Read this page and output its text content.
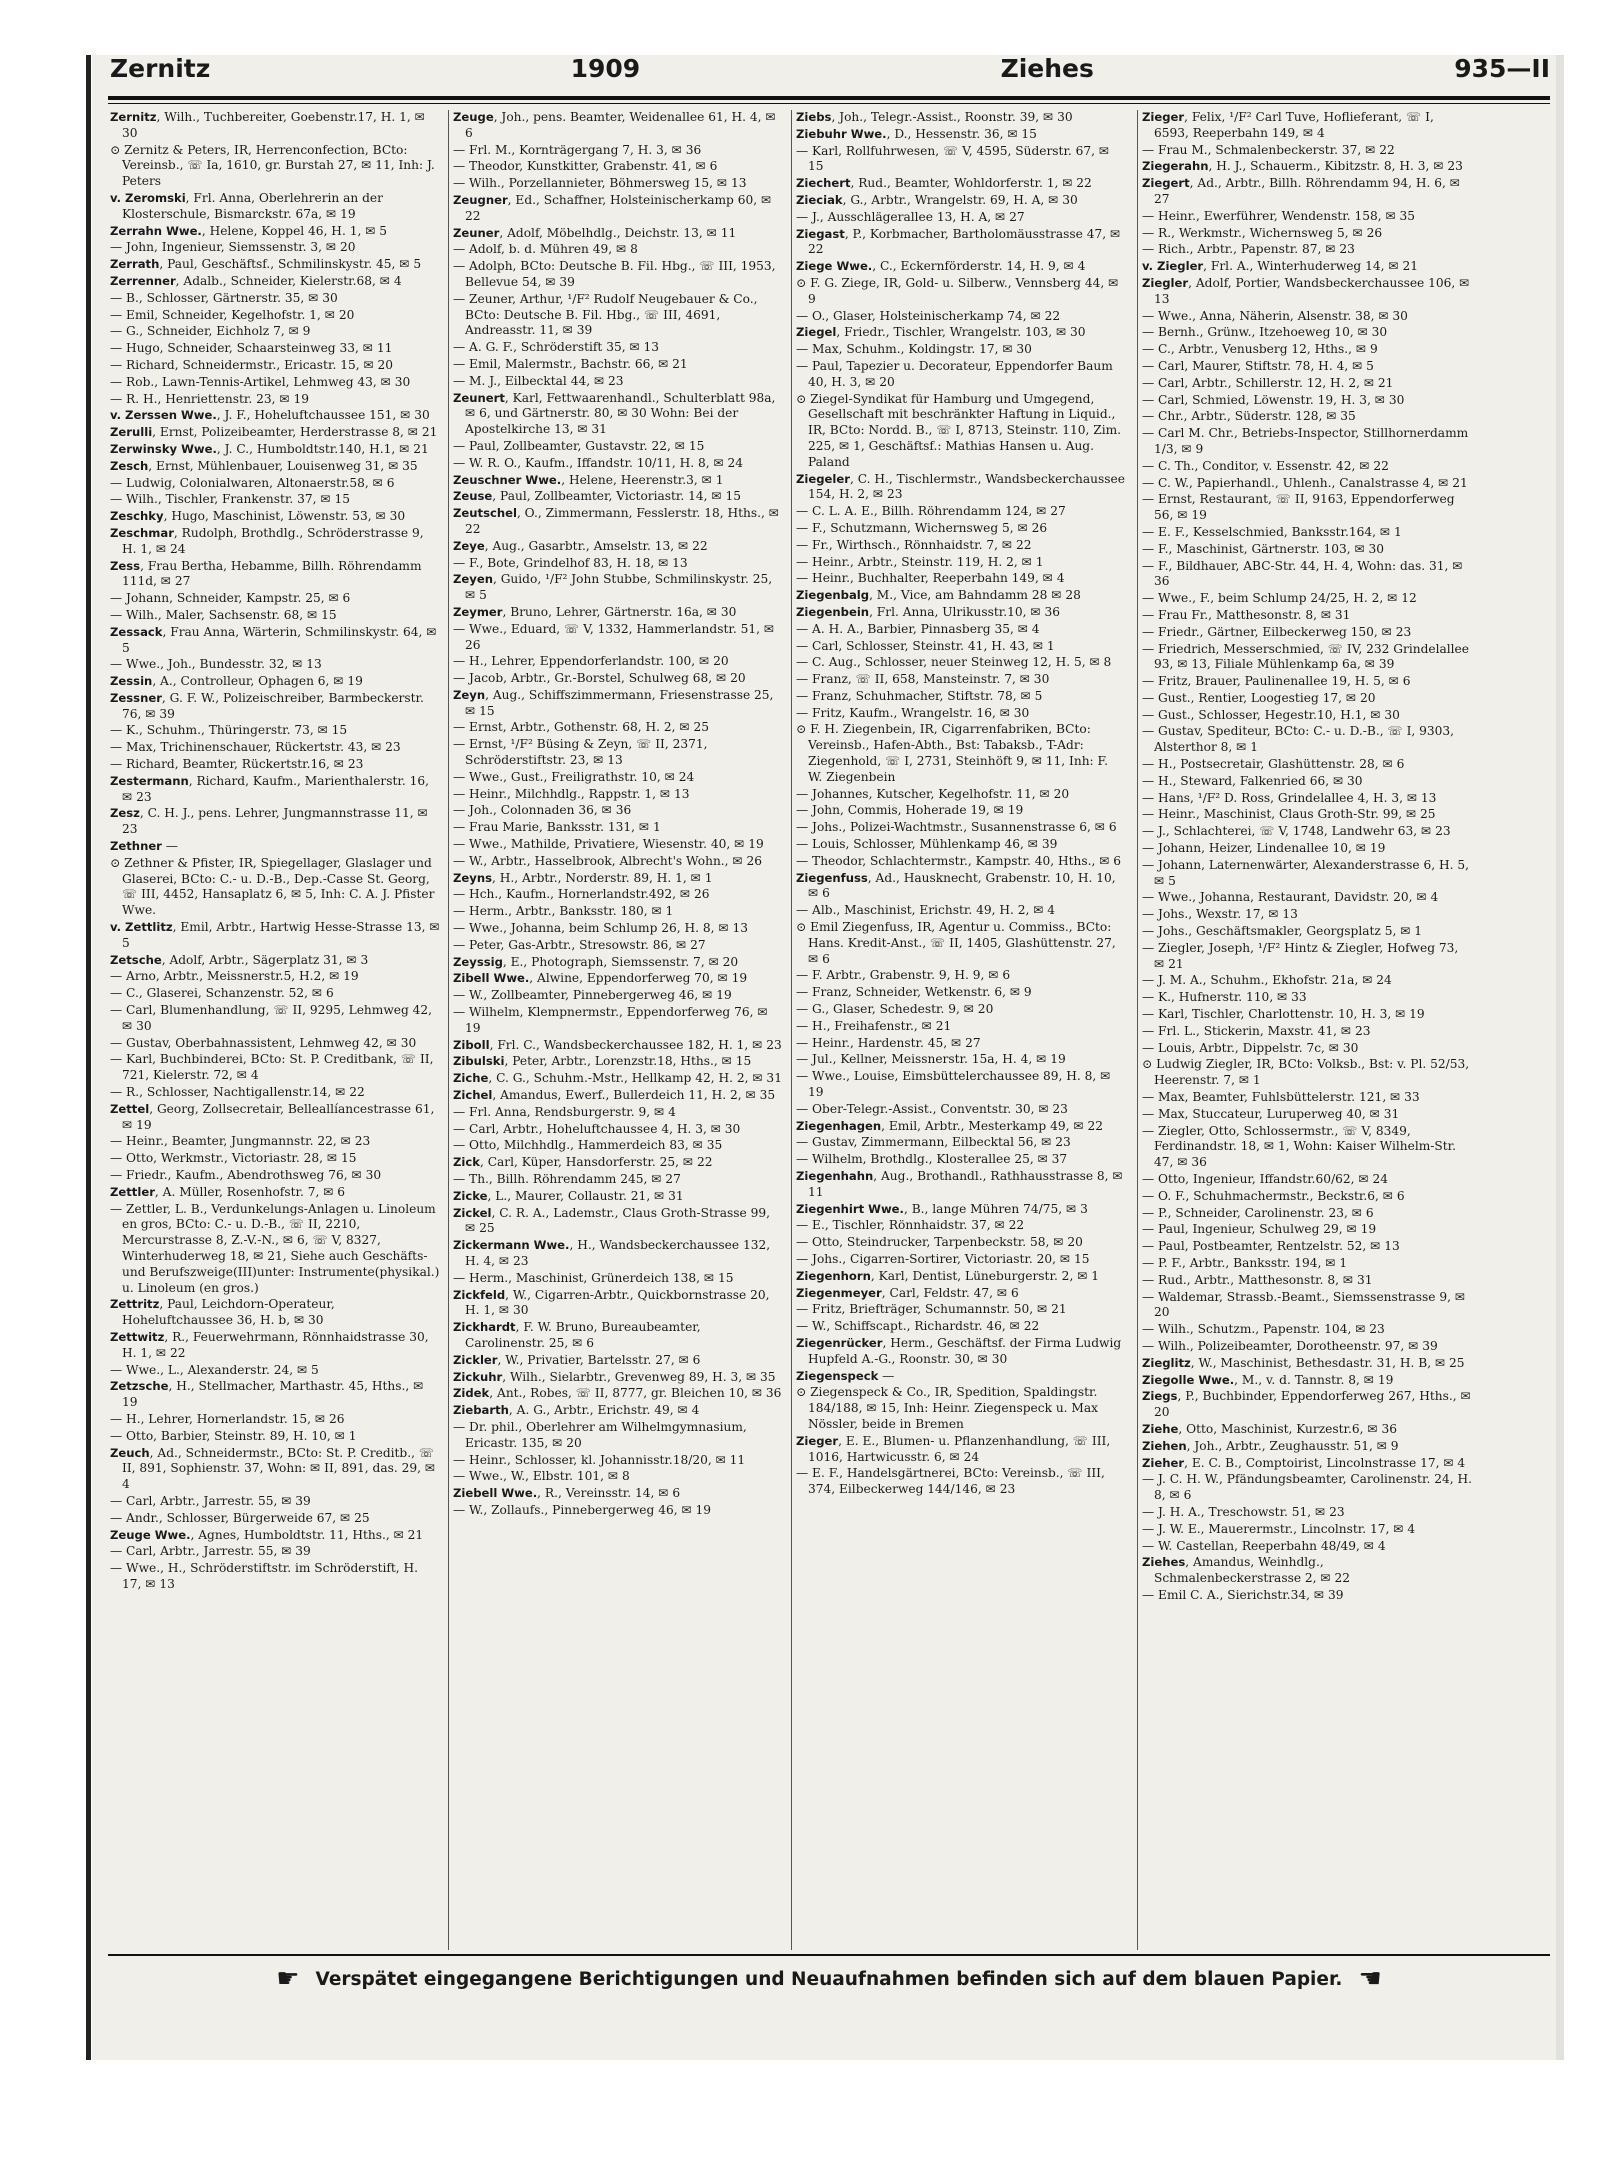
Zernitz	1909	Ziehes	935—II
Zernitz, Wilh., Tuchbereiter, Goebenstr.17, H. 1, ✉ 30
⊙ Zernitz & Peters, IR, Herrenconfection, BCto: Vereinsb., ☏ Ia, 1610, gr. Burstah 27, ✉ 11, Inh: J. Peters
v. Zeromski, Frl. Anna, Oberlehrerin an der Klosterschule, Bismarckstr. 67a, ✉ 19
Zerrahn Wwe., Helene, Koppel 46, H. 1, ✉ 5
— John, Ingenieur, Siemssenstr. 3, ✉ 20
Zerrath, Paul, Geschäftsf., Schmilinskystr. 45, ✉ 5
Zerrenner, Adalb., Schneider, Kielerstr.68, ✉ 4
— B., Schlosser, Gärtnerstr. 35, ✉ 30
— Emil, Schneider, Kegelhofstr. 1, ✉ 20
— G., Schneider, Eichholz 7, ✉ 9
— Hugo, Schneider, Schaarsteinweg 33, ✉ 11
— Richard, Schneidermstr., Ericastr. 15, ✉ 20
— Rob., Lawn-Tennis-Artikel, Lehmweg 43, ✉ 30
— R. H., Henriettenstr. 23, ✉ 19
v. Zerssen Wwe., J. F., Hoheluftchaussee 151, ✉ 30
Zerulli, Ernst, Polizeibeamter, Herderstrasse 8, ✉ 21
Zerwinsky Wwe., J. C., Humboldtstr.140, H.1, ✉ 21
Zesch, Ernst, Mühlenbauer, Louisenweg 31, ✉ 35
— Ludwig, Colonialwaren, Altonaerstr.58, ✉ 6
— Wilh., Tischler, Frankenstr. 37, ✉ 15
Zeschky, Hugo, Maschinist, Löwenstr. 53, ✉ 30
Zeschmar, Rudolph, Brothdlg., Schröderstrasse 9, H. 1, ✉ 24
Zess, Frau Bertha, Hebamme, Billh. Röhrendamm 111d, ✉ 27
— Johann, Schneider, Kampstr. 25, ✉ 6
— Wilh., Maler, Sachsenstr. 68, ✉ 15
Zessack, Frau Anna, Wärterin, Schmilinskystr. 64, ✉ 5
— Wwe., Joh., Bundesstr. 32, ✉ 13
Zessin, A., Controlleur, Ophagen 6, ✉ 19
Zessner, G. F. W., Polizeischreiber, Barmbeckerstr. 76, ✉ 39
— K., Schuhm., Thüringerstr. 73, ✉ 15
— Max, Trichinenschauer, Rückertstr. 43, ✉ 23
— Richard, Beamter, Rückertstr.16, ✉ 23
Zestermann, Richard, Kaufm., Marienthalerstr. 16, ✉ 23
Zesz, C. H. J., pens. Lehrer, Jungmannstrasse 11, ✉ 23
Zethner —
⊙ Zethner & Pfister, IR, Spiegellager, Glaslager und Glaserei, BCto: C.- u. D.-B., Dep.-Casse St. Georg, ☏ III, 4452, Hansaplatz 6, ✉ 5, Inh: C. A. J. Pfister Wwe.
v. Zettlitz, Emil, Arbtr., Hartwig Hesse-Strasse 13, ✉ 5
Zetsche, Adolf, Arbtr., Sägerplatz 31, ✉ 3
— Arno, Arbtr., Meissnerstr.5, H.2, ✉ 19
— C., Glaserei, Schanzenstr. 52, ✉ 6
— Carl, Blumenhandlung, ☏ II, 9295, Lehmweg 42, ✉ 30
— Gustav, Oberbahnassistent, Lehmweg 42, ✉ 30
— Karl, Buchbinderei, BCto: St. P. Creditbank, ☏ II, 721, Kielerstr. 72, ✉ 4
— R., Schlosser, Nachtigallenstr.14, ✉ 22
Zettel, Georg, Zollsecretair, Belleallíancestrasse 61, ✉ 19
— Heinr., Beamter, Jungmannstr. 22, ✉ 23
— Otto, Werkmstr., Victoriastr. 28, ✉ 15
— Friedr., Kaufm., Abendrothsweg 76, ✉ 30
Zettler, A. Müller, Rosenhofstr. 7, ✉ 6
— Zettler, L. B., Verdunkelungs-Anlagen u. Linoleum en gros, BCto: C.- u. D.-B., ☏ II, 2210, Mercurstrasse 8, Z.-V.-N., ✉ 6, ☏ V, 8327, Winterhuderweg 18, ✉ 21, Siehe auch Geschäfts- und Berufszweige(III)unter: Instrumente(physikal.) u. Linoleum (en gros.)
Zettritz, Paul, Leichdorn-Operateur, Hoheluftchaussee 36, H. b, ✉ 30
Zettwitz, R., Feuerwehrmann, Rönnhaidstrasse 30, H. 1, ✉ 22
— Wwe., L., Alexanderstr. 24, ✉ 5
Zetzsche, H., Stellmacher, Marthastr. 45, Hths., ✉ 19
— H., Lehrer, Hornerlandstr. 15, ✉ 26
— Otto, Barbier, Steinstr. 89, H. 10, ✉ 1
Zeuch, Ad., Schneidermstr., BCto: St. P. Creditb., ☏ II, 891, Sophienstr. 37, Wohn: ✉ II, 891, das. 29, ✉ 4
— Carl, Arbtr., Jarrestr. 55, ✉ 39
— Andr., Schlosser, Bürgerweide 67, ✉ 25
Zeuge Wwe., Agnes, Humboldtstr. 11, Hths., ✉ 21
— Carl, Arbtr., Jarrestr. 55, ✉ 39
— Wwe., H., Schröderstiftstr. im Schröderstift, H. 17, ✉ 13
Zeuge, Joh., pens. Beamter, Weidenallee 61, H. 4, ✉ 6
— Frl. M., Kornträgergang 7, H. 3, ✉ 36
— Theodor, Kunstkitter, Grabenstr. 41, ✉ 6
— Wilh., Porzellannieter, Böhmersweg 15, ✉ 13
Zeugner, Ed., Schaffner, Holsteinischerkamp 60, ✉ 22
Zeuner, Adolf, Möbelhdlg., Deichstr. 13, ✉ 11
— Adolf, b. d. Mühren 49, ✉ 8
— Adolph, BCto: Deutsche B. Fil. Hbg., ☏ III, 1953, Bellevue 54, ✉ 39
— Zeuner, Arthur, ¹/F² Rudolf Neugebauer & Co., BCto: Deutsche B. Fil. Hbg., ☏ III, 4691, Andreasstr. 11, ✉ 39
— A. G. F., Schröderstift 35, ✉ 13
— Emil, Malermstr., Bachstr. 66, ✉ 21
— M. J., Eilbecktal 44, ✉ 23
Zeunert, Karl, Fettwaarenhandl., Schulterblatt 98a, ✉ 6, und Gärtnerstr. 80, ✉ 30 Wohn: Bei der Apostelkirche 13, ✉ 31
— Paul, Zollbeamter, Gustavstr. 22, ✉ 15
— W. R. O., Kaufm., Iffandstr. 10/11, H. 8, ✉ 24
Zeuschner Wwe., Helene, Heerenstr.3, ✉ 1
Zeuse, Paul, Zollbeamter, Victoriastr. 14, ✉ 15
Zeutschel, O., Zimmermann, Fesslerstr. 18, Hths., ✉ 22
Zeye, Aug., Gasarbtr., Amselstr. 13, ✉ 22
— F., Bote, Grindelhof 83, H. 18, ✉ 13
Zeyen, Guido, ¹/F² John Stubbe, Schmilinskystr. 25, ✉ 5
Zeymer, Bruno, Lehrer, Gärtnerstr. 16a, ✉ 30
— Wwe., Eduard, ☏ V, 1332, Hammerlandstr. 51, ✉ 26
— H., Lehrer, Eppendorferlandstr. 100, ✉ 20
— Jacob, Arbtr., Gr.-Borstel, Schulweg 68, ✉ 20
Zeyn, Aug., Schiffszimmermann, Friesenstrasse 25, ✉ 15
— Ernst, Arbtr., Gothenstr. 68, H. 2, ✉ 25
— Ernst, ¹/F² Büsing & Zeyn, ☏ II, 2371, Schröderstiftstr. 23, ✉ 13
— Wwe., Gust., Freiligrathstr. 10, ✉ 24
— Heinr., Milchhdlg., Rappstr. 1, ✉ 13
— Joh., Colonnaden 36, ✉ 36
— Frau Marie, Banksstr. 131, ✉ 1
— Wwe., Mathilde, Privatiere, Wiesenstr. 40, ✉ 19
— W., Arbtr., Hasselbrook, Albrecht's Wohn., ✉ 26
Zeyns, H., Arbtr., Norderstr. 89, H. 1, ✉ 1
— Hch., Kaufm., Hornerlandstr.492, ✉ 26
— Herm., Arbtr., Banksstr. 180, ✉ 1
— Wwe., Johanna, beim Schlump 26, H. 8, ✉ 13
— Peter, Gas-Arbtr., Stresowstr. 86, ✉ 27
Zeyssig, E., Photograph, Siemssenstr. 7, ✉ 20
Zibell Wwe., Alwine, Eppendorferweg 70, ✉ 19
— W., Zollbeamter, Pinnebergerweg 46, ✉ 19
— Wilhelm, Klempnermstr., Eppendorferweg 76, ✉ 19
Ziboll, Frl. C., Wandsbeckerchaussee 182, H. 1, ✉ 23
Zibulski, Peter, Arbtr., Lorenzstr.18, Hths., ✉ 15
Ziche, C. G., Schuhm.-Mstr., Hellkamp 42, H. 2, ✉ 31
Zichel, Amandus, Ewerf., Bullerdeich 11, H. 2, ✉ 35
— Frl. Anna, Rendsburgerstr. 9, ✉ 4
— Carl, Arbtr., Hoheluftchaussee 4, H. 3, ✉ 30
— Otto, Milchhdlg., Hammerdeich 83, ✉ 35
Zick, Carl, Küper, Hansdorferstr. 25, ✉ 22
— Th., Billh. Röhrendamm 245, ✉ 27
Zicke, L., Maurer, Collaustr. 21, ✉ 31
Zickel, C. R. A., Lademstr., Claus Groth-Strasse 99, ✉ 25
Zickermann Wwe., H., Wandsbeckerchaussee 132, H. 4, ✉ 23
— Herm., Maschinist, Grünerdeich 138, ✉ 15
Zickfeld, W., Cigarren-Arbtr., Quickbornstrasse 20, H. 1, ✉ 30
Zickhardt, F. W. Bruno, Bureaubeamter, Carolinenstr. 25, ✉ 6
Zickler, W., Privatier, Bartelsstr. 27, ✉ 6
Zickuhr, Wilh., Sielarbtr., Grevenweg 89, H. 3, ✉ 35
Zidek, Ant., Robes, ☏ II, 8777, gr. Bleichen 10, ✉ 36
Ziebarth, A. G., Arbtr., Erichstr. 49, ✉ 4
— Dr. phil., Oberlehrer am Wilhelmgymnasium, Ericastr. 135, ✉ 20
— Heinr., Schlosser, kl. Johannisstr.18/20, ✉ 11
— Wwe., W., Elbstr. 101, ✉ 8
Ziebell Wwe., R., Vereinsstr. 14, ✉ 6
— W., Zollaufs., Pinnebergerweg 46, ✉ 19
Ziebs, Joh., Telegr.-Assist., Roonstr. 39, ✉ 30
Ziebuhr Wwe., D., Hessenstr. 36, ✉ 15
— Karl, Rollfuhrwesen, ☏ V, 4595, Süderstr. 67, ✉ 15
Ziechert, Rud., Beamter, Wohldorferstr. 1, ✉ 22
Zieciak, G., Arbtr., Wrangelstr. 69, H. A, ✉ 30
— J., Ausschlägerallee 13, H. A, ✉ 27
Ziegast, P., Korbmacher, Bartholomäusstrasse 47, ✉ 22
Ziege Wwe., C., Eckernförderstr. 14, H. 9, ✉ 4
⊙ F. G. Ziege, IR, Gold- u. Silberw., Vennsberg 44, ✉ 9
— O., Glaser, Holsteinischerkamp 74, ✉ 22
Ziegel, Friedr., Tischler, Wrangelstr. 103, ✉ 30
— Max, Schuhm., Koldingstr. 17, ✉ 30
— Paul, Tapezier u. Decorateur, Eppendorfer Baum 40, H. 3, ✉ 20
⊙ Ziegel-Syndikat für Hamburg und Umgegend, Gesellschaft mit beschränkter Haftung in Liquid., IR, BCto: Nordd. B., ☏ I, 8713, Steinstr. 110, Zim. 225, ✉ 1, Geschäftsf.: Mathias Hansen u. Aug. Paland
Ziegeler, C. H., Tischlermstr., Wandsbeckerchaussee 154, H. 2, ✉ 23
— C. L. A. E., Billh. Röhrendamm 124, ✉ 27
— F., Schutzmann, Wichernsweg 5, ✉ 26
— Fr., Wirthsch., Rönnhaidstr. 7, ✉ 22
— Heinr., Arbtr., Steinstr. 119, H. 2, ✉ 1
— Heinr., Buchhalter, Reeperbahn 149, ✉ 4
Ziegenbalg, M., Vice, am Bahndamm 28 ✉ 28
Ziegenbein, Frl. Anna, Ulrikusstr.10, ✉ 36
— A. H. A., Barbier, Pinnasberg 35, ✉ 4
— Carl, Schlosser, Steinstr. 41, H. 43, ✉ 1
— C. Aug., Schlosser, neuer Steinweg 12, H. 5, ✉ 8
— Franz, ☏ II, 658, Mansteinstr. 7, ✉ 30
— Franz, Schuhmacher, Stiftstr. 78, ✉ 5
— Fritz, Kaufm., Wrangelstr. 16, ✉ 30
⊙ F. H. Ziegenbein, IR, Cigarrenfabriken, BCto: Vereinsb., Hafen-Abth., Bst: Tabaksb., T-Adr: Ziegenhold, ☏ I, 2731, Steinhöft 9, ✉ 11, Inh: F. W. Ziegenbein
— Johannes, Kutscher, Kegelhofstr. 11, ✉ 20
— John, Commis, Hoherade 19, ✉ 19
— Johs., Polizei-Wachtmstr., Susannenstrasse 6, ✉ 6
— Louis, Schlosser, Mühlenkamp 46, ✉ 39
— Theodor, Schlachtermstr., Kampstr. 40, Hths., ✉ 6
Ziegenfuss, Ad., Hausknecht, Grabenstr. 10, H. 10, ✉ 6
— Alb., Maschinist, Erichstr. 49, H. 2, ✉ 4
⊙ Emil Ziegenfuss, IR, Agentur u. Commiss., BCto: Hans. Kredit-Anst., ☏ II, 1405, Glashüttenstr. 27, ✉ 6
— F. Arbtr., Grabenstr. 9, H. 9, ✉ 6
— Franz, Schneider, Wetkenstr. 6, ✉ 9
— G., Glaser, Schedestr. 9, ✉ 20
— H., Freihafenstr., ✉ 21
— Heinr., Hardenstr. 45, ✉ 27
— Jul., Kellner, Meissnerstr. 15a, H. 4, ✉ 19
— Wwe., Louise, Eimsbüttelerchaussee 89, H. 8, ✉ 19
— Ober-Telegr.-Assist., Conventstr. 30, ✉ 23
Ziegenhagen, Emil, Arbtr., Mesterkamp 49, ✉ 22
— Gustav, Zimmermann, Eilbecktal 56, ✉ 23
— Wilhelm, Brothdlg., Klosterallee 25, ✉ 37
Ziegenhahn, Aug., Brothandl., Rathhausstrasse 8, ✉ 11
Ziegenhirt Wwe., B., lange Mühren 74/75, ✉ 3
— E., Tischler, Rönnhaidstr. 37, ✉ 22
— Otto, Steindrucker, Tarpenbeckstr. 58, ✉ 20
— Johs., Cigarren-Sortirer, Victoriastr. 20, ✉ 15
Ziegenhorn, Karl, Dentist, Lüneburgerstr. 2, ✉ 1
Ziegenmeyer, Carl, Feldstr. 47, ✉ 6
— Fritz, Briefträger, Schumannstr. 50, ✉ 21
— W., Schiffscapt., Richardstr. 46, ✉ 22
Ziegenrücker, Herm., Geschäftsf. der Firma Ludwig Hupfeld A.-G., Roonstr. 30, ✉ 30
Ziegenspeck —
⊙ Ziegenspeck & Co., IR, Spedition, Spaldingstr. 184/188, ✉ 15, Inh: Heinr. Ziegenspeck u. Max Nössler, beide in Bremen
Zieger, E. E., Blumen- u. Pflanzenhandlung, ☏ III, 1016, Hartwicusstr. 6, ✉ 24
— E. F., Handelsgärtnerei, BCto: Vereinsb., ☏ III, 374, Eilbeckerweg 144/146, ✉ 23
Zieger, Felix, ¹/F² Carl Tuve, Hoflieferant, ☏ I, 6593, Reeperbahn 149, ✉ 4
— Frau M., Schmalenbeckerstr. 37, ✉ 22
Ziegerahn, H. J., Schauerm., Kibitzstr. 8, H. 3, ✉ 23
Ziegert, Ad., Arbtr., Billh. Röhrendamm 94, H. 6, ✉ 27
— Heinr., Ewerführer, Wendenstr. 158, ✉ 35
— R., Werkmstr., Wichernsweg 5, ✉ 26
— Rich., Arbtr., Papenstr. 87, ✉ 23
v. Ziegler, Frl. A., Winterhuderweg 14, ✉ 21
Ziegler, Adolf, Portier, Wandsbeckerchaussee 106, ✉ 13
— Wwe., Anna, Näherin, Alsenstr. 38, ✉ 30
— Bernh., Grünw., Itzehoeweg 10, ✉ 30
— C., Arbtr., Venusberg 12, Hths., ✉ 9
— Carl, Maurer, Stiftstr. 78, H. 4, ✉ 5
— Carl, Arbtr., Schillerstr. 12, H. 2, ✉ 21
— Carl, Schmied, Löwenstr. 19, H. 3, ✉ 30
— Chr., Arbtr., Süderstr. 128, ✉ 35
— Carl M. Chr., Betriebs-Inspector, Stillhornerdamm 1/3, ✉ 9
— C. Th., Conditor, v. Essenstr. 42, ✉ 22
— C. W., Papierhandl., Uhlenh., Canalstrasse 4, ✉ 21
— Ernst, Restaurant, ☏ II, 9163, Eppendorferweg 56, ✉ 19
— E. F., Kesselschmied, Banksstr.164, ✉ 1
— F., Maschinist, Gärtnerstr. 103, ✉ 30
— F., Bildhauer, ABC-Str. 44, H. 4, Wohn: das. 31, ✉ 36
— Wwe., F., beim Schlump 24/25, H. 2, ✉ 12
— Frau Fr., Matthesonstr. 8, ✉ 31
— Friedr., Gärtner, Eilbeckerweg 150, ✉ 23
— Friedrich, Messerschmied, ☏ IV, 232 Grindelallee 93, ✉ 13, Filiale Mühlenkamp 6a, ✉ 39
— Fritz, Brauer, Paulinenallee 19, H. 5, ✉ 6
— Gust., Rentier, Loogestieg 17, ✉ 20
— Gust., Schlosser, Hegestr.10, H.1, ✉ 30
— Gustav, Spediteur, BCto: C.- u. D.-B., ☏ I, 9303, Alsterthor 8, ✉ 1
— H., Postsecretair, Glashüttenstr. 28, ✉ 6
— H., Steward, Falkenried 66, ✉ 30
— Hans, ¹/F² D. Ross, Grindelallee 4, H. 3, ✉ 13
— Heinr., Maschinist, Claus Groth-Str. 99, ✉ 25
— J., Schlachterei, ☏ V, 1748, Landwehr 63, ✉ 23
— Johann, Heizer, Lindenallee 10, ✉ 19
— Johann, Laternenwärter, Alexanderstrasse 6, H. 5, ✉ 5
— Wwe., Johanna, Restaurant, Davidstr. 20, ✉ 4
— Johs., Wexstr. 17, ✉ 13
— Johs., Geschäftsmakler, Georgsplatz 5, ✉ 1
— Ziegler, Joseph, ¹/F² Hintz & Ziegler, Hofweg 73, ✉ 21
— J. M. A., Schuhm., Ekhofstr. 21a, ✉ 24
— K., Hufnerstr. 110, ✉ 33
— Karl, Tischler, Charlottenstr. 10, H. 3, ✉ 19
— Frl. L., Stickerin, Maxstr. 41, ✉ 23
— Louis, Arbtr., Dippelstr. 7c, ✉ 30
⊙ Ludwig Ziegler, IR, BCto: Volksb., Bst: v. Pl. 52/53, Heerenstr. 7, ✉ 1
— Max, Beamter, Fuhlsbüttelerstr. 121, ✉ 33
— Max, Stuccateur, Luruperweg 40, ✉ 31
— Ziegler, Otto, Schlossermstr., ☏ V, 8349, Ferdinandstr. 18, ✉ 1, Wohn: Kaiser Wilhelm-Str. 47, ✉ 36
— Otto, Ingenieur, Iffandstr.60/62, ✉ 24
— O. F., Schuhmachermstr., Beckstr.6, ✉ 6
— P., Schneider, Carolinenstr. 23, ✉ 6
— Paul, Ingenieur, Schulweg 29, ✉ 19
— Paul, Postbeamter, Rentzelstr. 52, ✉ 13
— P. F., Arbtr., Banksstr. 194, ✉ 1
— Rud., Arbtr., Matthesonstr. 8, ✉ 31
— Waldemar, Strassb.-Beamt., Siemssenstrasse 9, ✉ 20
— Wilh., Schutzm., Papenstr. 104, ✉ 23
— Wilh., Polizeibeamter, Dorotheenstr. 97, ✉ 39
Zieglitz, W., Maschinist, Bethesdastr. 31, H. B, ✉ 25
Ziegolle Wwe., M., v. d. Tannstr. 8, ✉ 19
Ziegs, P., Buchbinder, Eppendorferweg 267, Hths., ✉ 20
Ziehe, Otto, Maschinist, Kurzestr.6, ✉ 36
Ziehen, Joh., Arbtr., Zeughausstr. 51, ✉ 9
Zieher, E. C. B., Comptoirist, Lincolnstrasse 17, ✉ 4
— J. C. H. W., Pfändungsbeamter, Carolinenstr. 24, H. 8, ✉ 6
— J. H. A., Treschowstr. 51, ✉ 23
— J. W. E., Mauerermstr., Lincolnstr. 17, ✉ 4
— W. Castellan, Reeperbahn 48/49, ✉ 4
Ziehes, Amandus, Weinhdlg., Schmalenbeckerstrasse 2, ✉ 22
— Emil C. A., Sierichstr.34, ✉ 39
☛ Verspätet eingegangene Berichtigungen und Neuaufnahmen befinden sich auf dem blauen Papier. ☚
